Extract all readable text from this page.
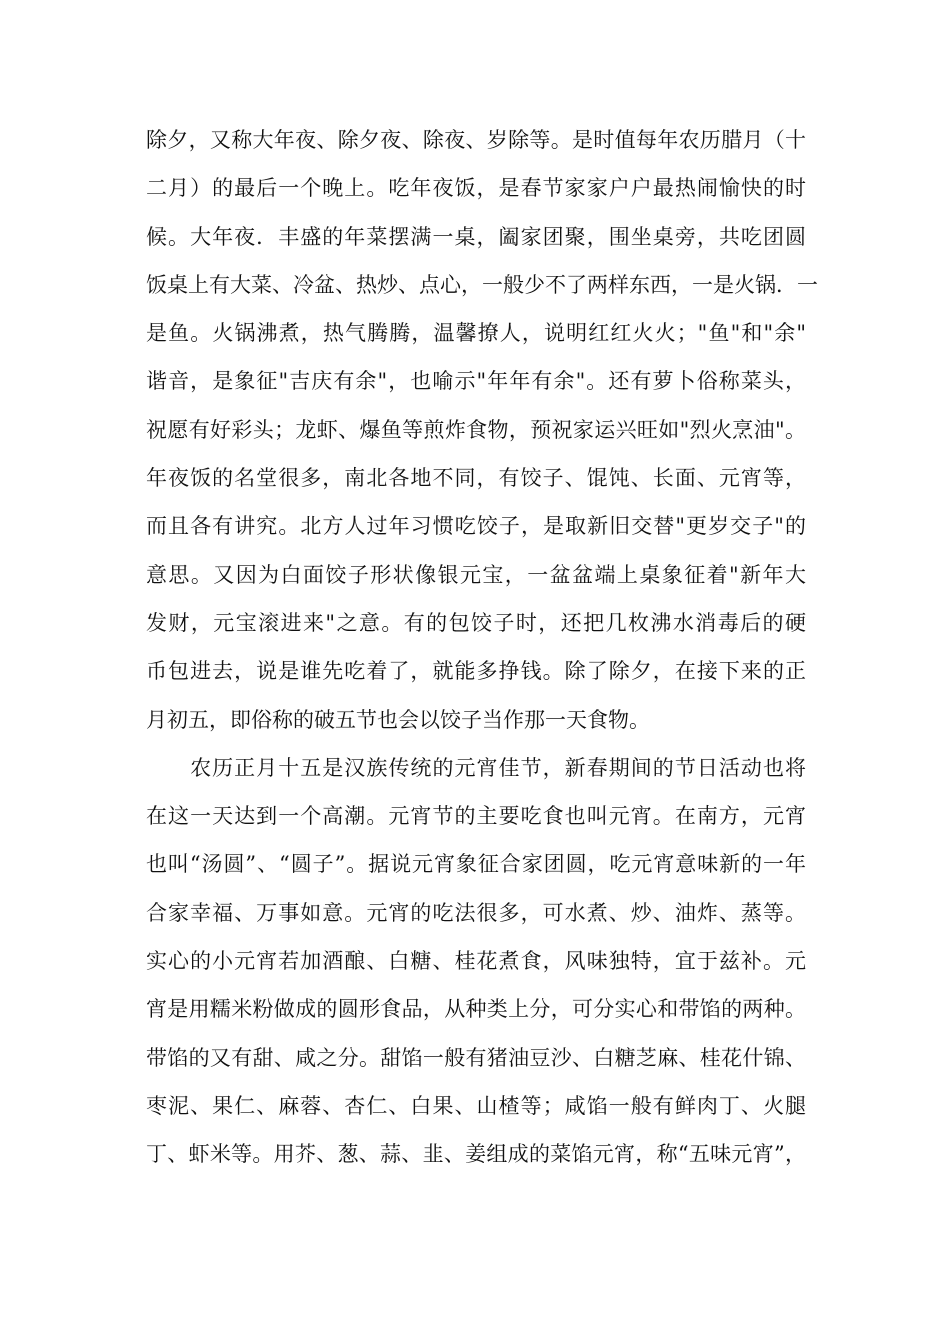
除夕，又称大年夜、除夕夜、除夜、岁除等。是时值每年农历腊月（十
二月）的最后一个晚上。吃年夜饭，是春节家家户户最热闹愉快的时
候。大年夜．丰盛的年菜摆满一桌，阖家团聚，围坐桌旁，共吃团圆
饭桌上有大菜、冷盆、热炒、点心，一般少不了两样东西，一是火锅．一
是鱼。火锅沸煮，热气腾腾，温馨撩人，说明红红火火；"鱼"和"余"
谐音，是象征"吉庆有余"，也喻示"年年有余"。还有萝卜俗称菜头，
祝愿有好彩头；龙虾、爆鱼等煎炸食物，预祝家运兴旺如"烈火烹油"。
年夜饭的名堂很多，南北各地不同，有饺子、馄饨、长面、元宵等，
而且各有讲究。北方人过年习惯吃饺子，是取新旧交替"更岁交子"的
意思。又因为白面饺子形状像银元宝，一盆盆端上桌象征着"新年大
发财，元宝滚进来"之意。有的包饺子时，还把几枚沸水消毒后的硬
币包进去，说是谁先吃着了，就能多挣钱。除了除夕，在接下来的正
月初五，即俗称的破五节也会以饺子当作那一天食物。
　　农历正月十五是汉族传统的元宵佳节，新春期间的节日活动也将
在这一天达到一个高潮。元宵节的主要吃食也叫元宵。在南方，元宵
也叫“汤圆”、“圆子”。据说元宵象征合家团圆，吃元宵意味新的一年
合家幸福、万事如意。元宵的吃法很多，可水煮、炒、油炸、蒸等。
实心的小元宵若加酒酿、白糖、桂花煮食，风味独特，宜于兹补。元
宵是用糯米粉做成的圆形食品，从种类上分，可分实心和带馅的两种。
带馅的又有甜、咸之分。甜馅一般有猪油豆沙、白糖芝麻、桂花什锦、
枣泥、果仁、麻蓉、杏仁、白果、山楂等；咸馅一般有鲜肉丁、火腿
丁、虾米等。用芥、葱、蒜、韭、姜组成的菜馅元宵，称“五味元宵”，
